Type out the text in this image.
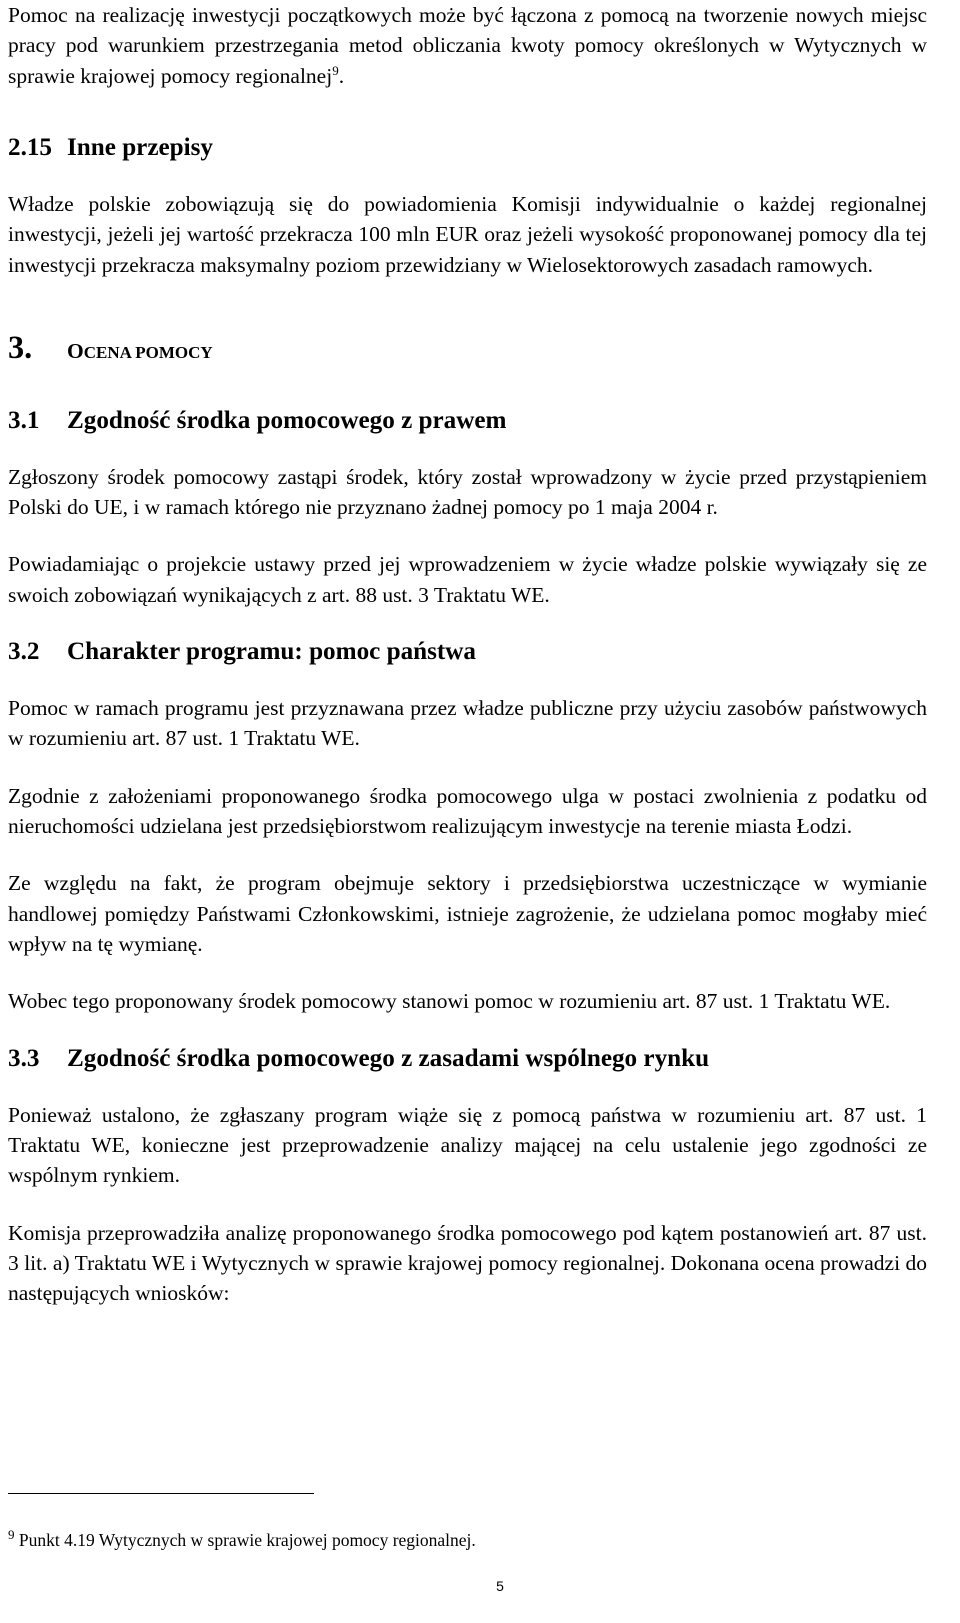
Pomoc na realizację inwestycji początkowych może być łączona z pomocą na tworzenie nowych miejsc pracy pod warunkiem przestrzegania metod obliczania kwoty pomocy określonych w Wytycznych w sprawie krajowej pomocy regionalnej$^9$.

2.15 Inne przepisy

Władze polskie zobowiązują się do powiadomienia Komisji indywidualnie o każdej regionalnej inwestycji, jeżeli jej wartość przekracza 100 mln EUR oraz jeżeli wysokość proponowanej pomocy dla tej inwestycji przekracza maksymalny poziom przewidziany w Wielosektorowych zasadach ramowych.

3.	OCENA POMOCY
3.1	Zgodność środka pomocowego z prawem

Zgłoszony środek pomocowy zastąpi środek, który został wprowadzony w życie przed przystąpieniem Polski do UE, i w ramach którego nie przyznano żadnej pomocy po 1 maja 2004 r.

Powiadamiając o projekcie ustawy przed jej wprowadzeniem w życie władze polskie wywiązały się ze swoich zobowiązań wynikających z art. 88 ust. 3 Traktatu WE.

3.2	Charakter programu: pomoc państwa

Pomoc w ramach programu jest przyznawana przez władze publiczne przy użyciu zasobów państwowych w rozumieniu art. 87 ust. 1 Traktatu WE.

Zgodnie z założeniami proponowanego środka pomocowego ulga w postaci zwolnienia z podatku od nieruchomości udzielana jest przedsiębiorstwom realizującym inwestycje na terenie miasta Łodzi.

Ze względu na fakt, że program obejmuje sektory i przedsiębiorstwa uczestniczące w wymianie handlowej pomiędzy Państwami Członkowskimi, istnieje zagrożenie, że udzielana pomoc mogłaby mieć wpływ na tę wymianę.

Wobec tego proponowany środek pomocowy stanowi pomoc w rozumieniu art. 87 ust. 1 Traktatu WE.

3.3	Zgodność środka pomocowego z zasadami wspólnego rynku

Ponieważ ustalono, że zgłaszany program wiąże się z pomocą państwa w rozumieniu art. 87 ust. 1 Traktatu WE, konieczne jest przeprowadzenie analizy mającej na celu ustalenie jego zgodności ze wspólnym rynkiem.

Komisja przeprowadziła analizę proponowanego środka pomocowego pod kątem postanowień art. 87 ust. 3 lit. a) Traktatu WE i Wytycznych w sprawie krajowej pomocy regionalnej. Dokonana ocena prowadzi do następujących wniosków:

$^9$ Punkt 4.19 Wytycznych w sprawie krajowej pomocy regionalnej.
5
